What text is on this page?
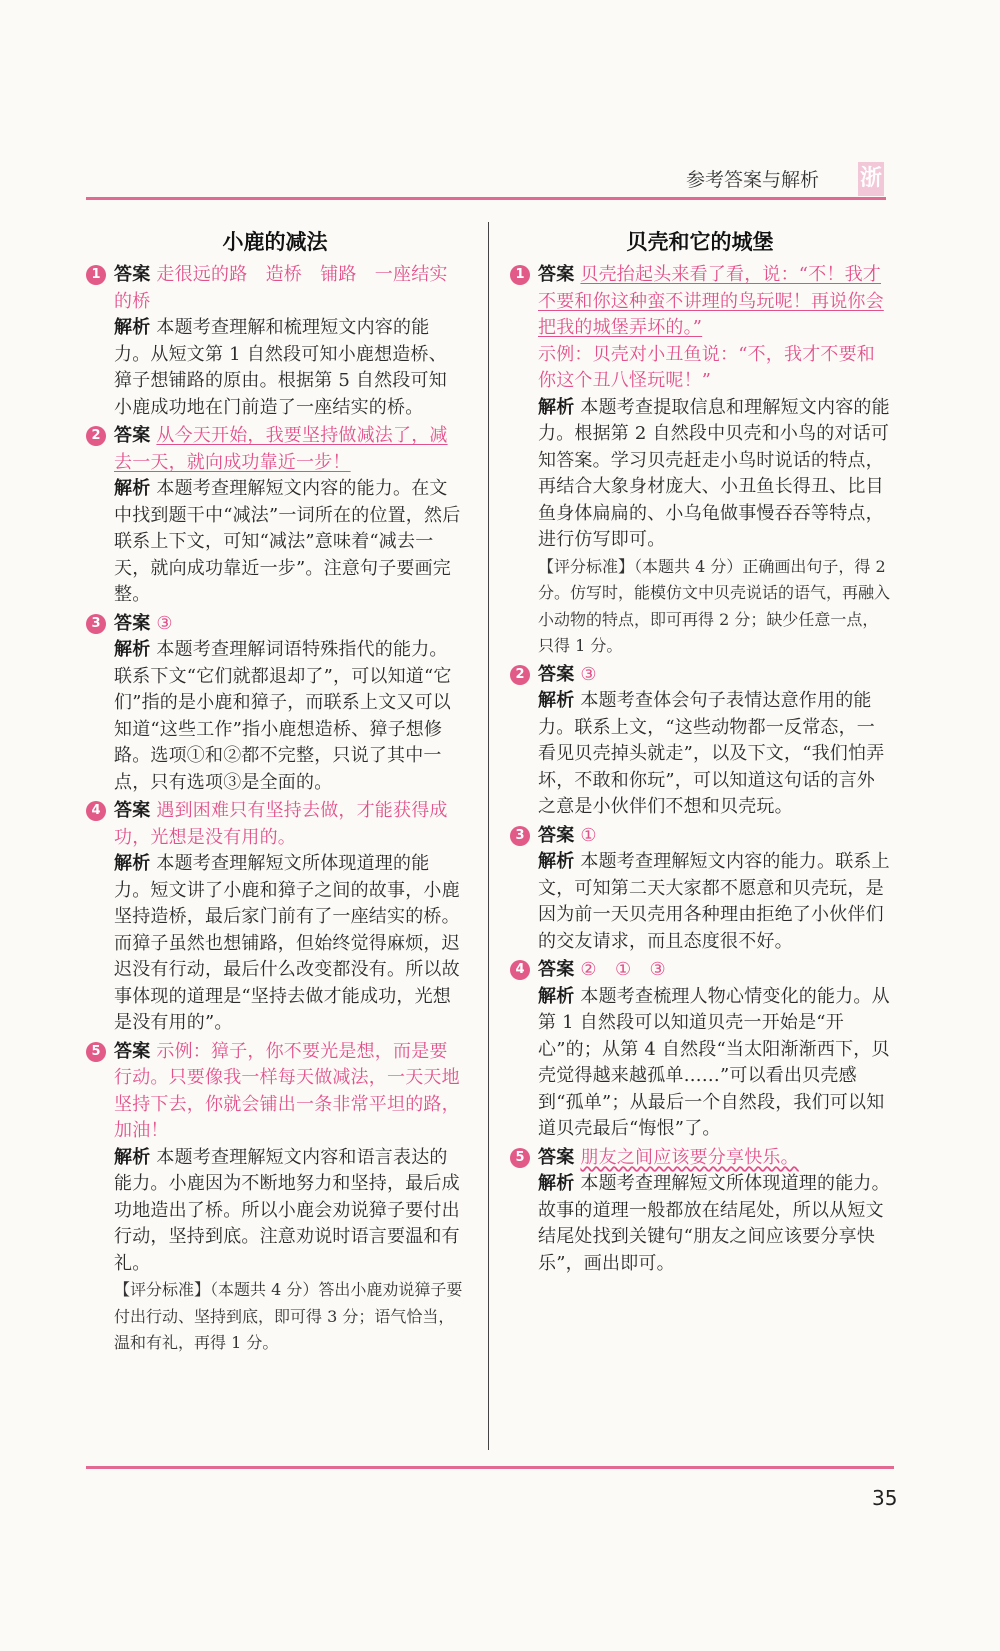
参考答案与解析 浙
小鹿的减法
1 答案 走很远的路　造桥　铺路　一座结实的桥
解析 本题考查理解和梳理短文内容的能力。从短文第 1 自然段可知小鹿想造桥、獐子想铺路的原由。根据第 5 自然段可知小鹿成功地在门前造了一座结实的桥。
2 答案 从今天开始，我要坚持做减法了，减去一天，就向成功靠近一步！
解析 本题考查理解短文内容的能力。在文中找到题干中“减法”一词所在的位置，然后联系上下文，可知“减法”意味着“减去一天，就向成功靠近一步”。注意句子要画完整。
3 答案 ③
解析 本题考查理解词语特殊指代的能力。联系下文“它们就都退却了”，可以知道“它们”指的是小鹿和獐子，而联系上文又可以知道“这些工作”指小鹿想造桥、獐子想修路。选项①和②都不完整，只说了其中一点，只有选项③是全面的。
4 答案 遇到困难只有坚持去做，才能获得成功，光想是没有用的。
解析 本题考查理解短文所体现道理的能力。短文讲了小鹿和獐子之间的故事，小鹿坚持造桥，最后家门前有了一座结实的桥。而獐子虽然也想铺路，但始终觉得麻烦，迟迟没有行动，最后什么改变都没有。所以故事体现的道理是“坚持去做才能成功，光想是没有用的”。
5 答案 示例：獐子，你不要光是想，而是要行动。只要像我一样每天做减法，一天天地坚持下去，你就会铺出一条非常平坦的路，加油！
解析 本题考查理解短文内容和语言表达的能力。小鹿因为不断地努力和坚持，最后成功地造出了桥。所以小鹿会劝说獐子要付出行动，坚持到底。注意劝说时语言要温和有礼。
【评分标准】（本题共 4 分）答出小鹿劝说獐子要付出行动、坚持到底，即可得 3 分；语气恰当，温和有礼，再得 1 分。
贝壳和它的城堡
1 答案 贝壳抬起头来看了看，说：“不！我才不要和你这种蛮不讲理的鸟玩呢！再说你会把我的城堡弄坏的。”
示例：贝壳对小丑鱼说：“不，我才不要和你这个丑八怪玩呢！”
解析 本题考查提取信息和理解短文内容的能力。根据第 2 自然段中贝壳和小鸟的对话可知答案。学习贝壳赶走小鸟时说话的特点，再结合大象身材庞大、小丑鱼长得丑、比目鱼身体扁扁的、小乌龟做事慢吞吞等特点，进行仿写即可。
【评分标准】（本题共 4 分）正确画出句子，得 2 分。仿写时，能模仿文中贝壳说话的语气，再融入小动物的特点，即可再得 2 分；缺少任意一点，只得 1 分。
2 答案 ③
解析 本题考查体会句子表情达意作用的能力。联系上文，“这些动物都一反常态，一看见贝壳掉头就走”，以及下文，“我们怕弄坏，不敢和你玩”，可以知道这句话的言外之意是小伙伴们不想和贝壳玩。
3 答案 ①
解析 本题考查理解短文内容的能力。联系上文，可知第二天大家都不愿意和贝壳玩，是因为前一天贝壳用各种理由拒绝了小伙伴们的交友请求，而且态度很不好。
4 答案 ②　①　③
解析 本题考查梳理人物心情变化的能力。从第 1 自然段可以知道贝壳一开始是“开心”的；从第 4 自然段“当太阳渐渐西下，贝壳觉得越来越孤单……”可以看出贝壳感到“孤单”；从最后一个自然段，我们可以知道贝壳最后“悔恨”了。
5 答案 朋友之间应该要分享快乐。
解析 本题考查理解短文所体现道理的能力。故事的道理一般都放在结尾处，所以从短文结尾处找到关键句“朋友之间应该要分享快乐”，画出即可。
35
